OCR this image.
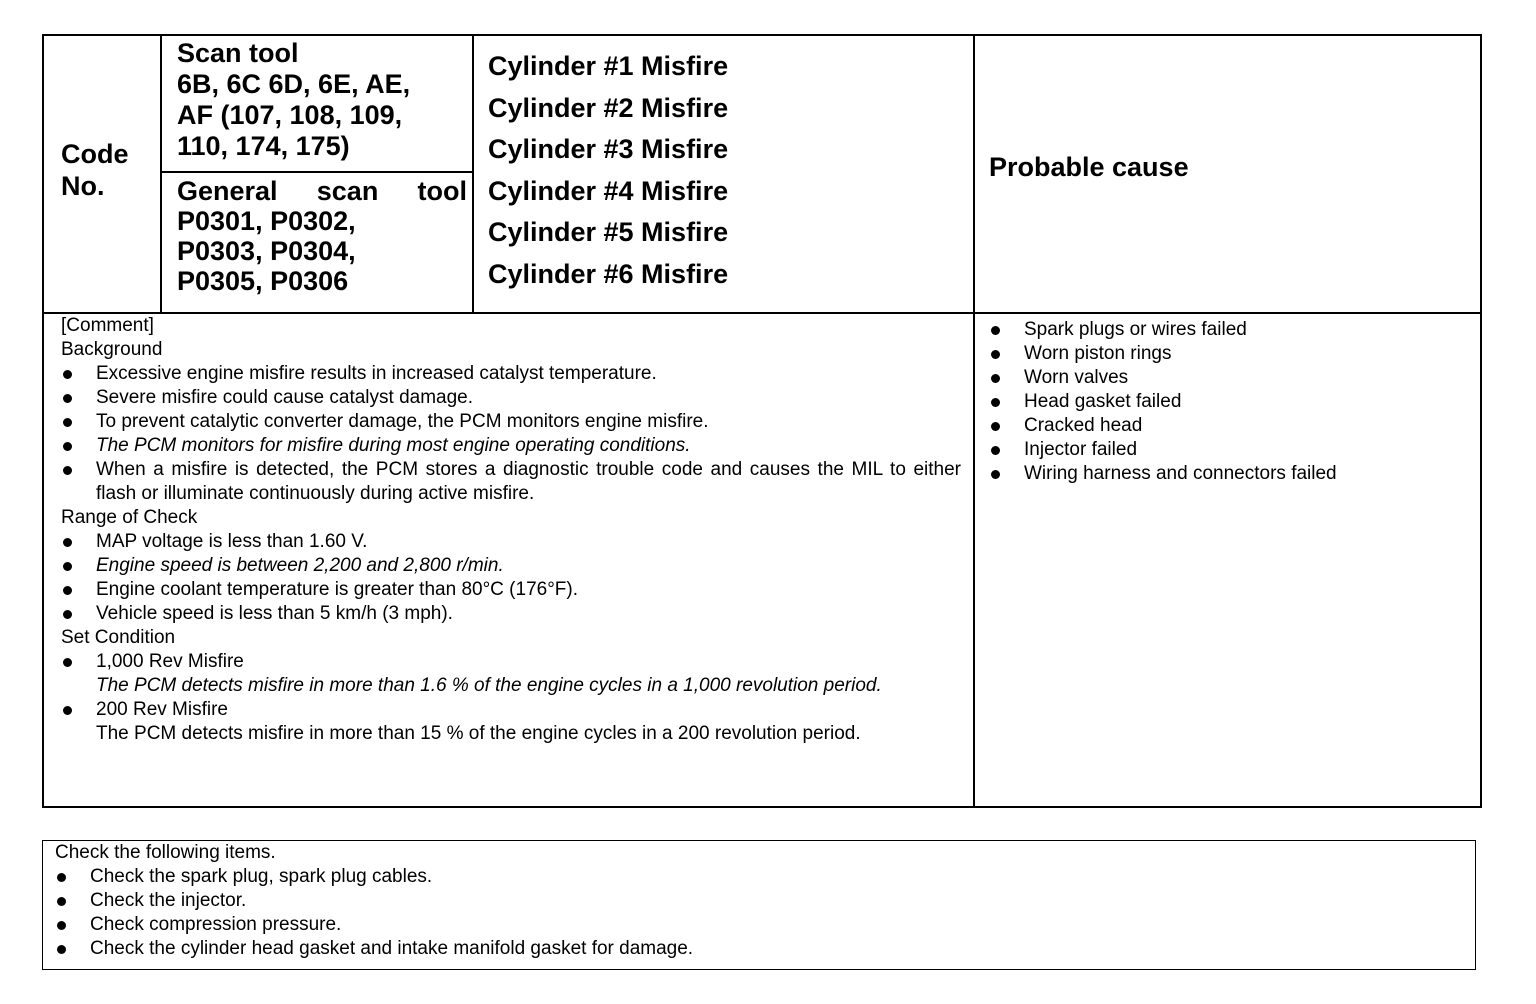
Code
No.
Scan tool
6B, 6C 6D, 6E, AE,
AF (107, 108, 109,
110, 174, 175)
General scan tool
P0301, P0302,
P0303, P0304,
P0305, P0306
Cylinder #1 Misfire
Cylinder #2 Misfire
Cylinder #3 Misfire
Cylinder #4 Misfire
Cylinder #5 Misfire
Cylinder #6 Misfire
Probable cause
[Comment]
Background
Excessive engine misfire results in increased catalyst temperature.
Severe misfire could cause catalyst damage.
To prevent catalytic converter damage, the PCM monitors engine misfire.
The PCM monitors for misfire during most engine operating conditions.
When a misfire is detected, the PCM stores a diagnostic trouble code and causes the MIL to either flash or illuminate continuously during active misfire.
Range of Check
MAP voltage is less than 1.60 V.
Engine speed is between 2,200 and 2,800 r/min.
Engine coolant temperature is greater than 80°C (176°F).
Vehicle speed is less than 5 km/h (3 mph).
Set Condition
1,000 Rev Misfire
The PCM detects misfire in more than 1.6 % of the engine cycles in a 1,000 revolution period.
200 Rev Misfire
The PCM detects misfire in more than 15 % of the engine cycles in a 200 revolution period.
Spark plugs or wires failed
Worn piston rings
Worn valves
Head gasket failed
Cracked head
Injector failed
Wiring harness and connectors failed
Check the following items.
Check the spark plug, spark plug cables.
Check the injector.
Check compression pressure.
Check the cylinder head gasket and intake manifold gasket for damage.
